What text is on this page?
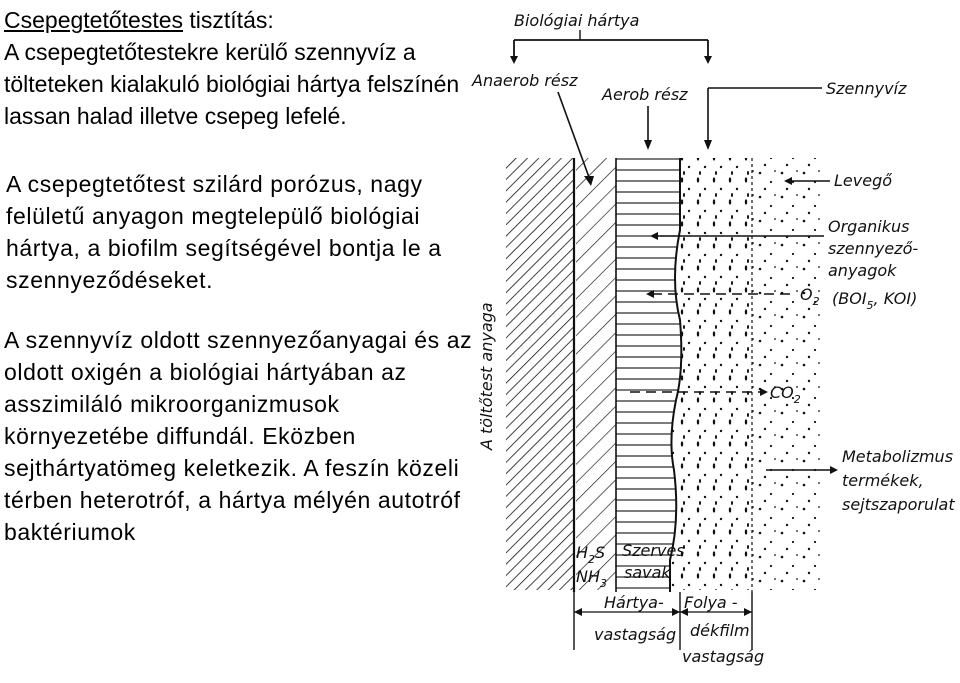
Csepegtetőtestes tisztítás:

A csepegtetőtestekre kerülő szennyvíz a tölteteken kialakuló biológiai hártya felszínén lassan halad illetve csepeg lefelé.

A csepegtetőtest szilárd porózus, nagy felületű anyagon megtelepülő biológiai hártya, a biofilm segítségével bontja le a szennyeződéseket.

A szennyvíz oldott szennyezőanyagai és az oldott oxigén a biológiai hártyában az asszimiláló mikroorganizmusok környezetébe diffundál. Eközben sejthártyatömeg keletkezik. A feszín közeli térben heterotróf, a hártya mélyén autotróf baktériumok

Biológiai hártya
Anaerob rész
Aerob rész	Szennyvíz
Levegő
Organikus
szennyező-
anyagok
$O_2$ ($BOI_5$, KOI)
$CO_2$
Metabolizmus
termékek,
sejtszaporulat
A töltőtest anyaga
$H_2S$
$NH_3$
Szerves
savak
Hártya-
vastagság
Folya -
dékfilm
vastagság
